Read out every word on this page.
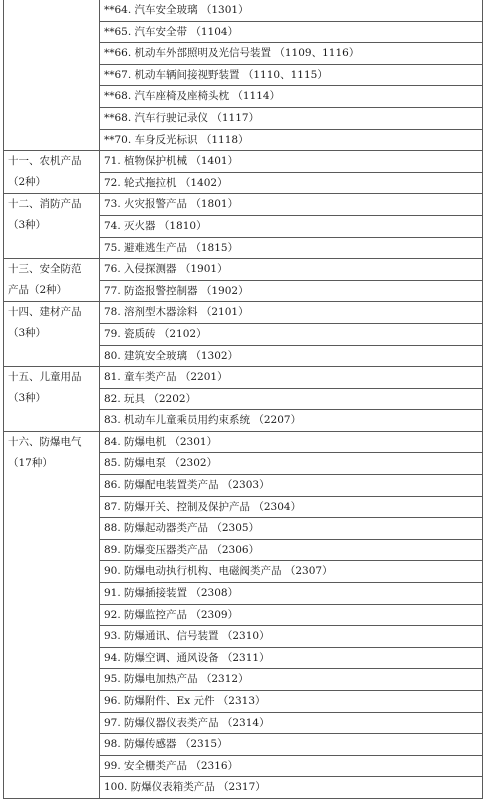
	**64. 汽车安全玻璃 （1301）
	**65. 汽车安全带 （1104）
	**66. 机动车外部照明及光信号装置 （1109、1116）
	**67. 机动车辆间接视野装置 （1110、1115）
	**68. 汽车座椅及座椅头枕 （1114）
	**68. 汽车行驶记录仪 （1117）
	**70. 车身反光标识 （1118）

十一、农机产品
（2种）	71. 植物保护机械 （1401）
	72. 轮式拖拉机 （1402）

十二、消防产品
（3种）	73. 火灾报警产品 （1801）
	74. 灭火器 （1810）
	75. 避难逃生产品 （1815）

十三、安全防范
产品（2种）	76. 入侵探测器 （1901）
	77. 防盗报警控制器 （1902）

十四、建材产品
（3种）	78. 溶剂型木器涂料 （2101）
	79. 瓷质砖 （2102）
	80. 建筑安全玻璃 （1302）

十五、儿童用品
（3种）	81. 童车类产品 （2201）
	82. 玩具 （2202）
	83. 机动车儿童乘员用约束系统 （2207）

十六、防爆电气
（17种）	84. 防爆电机 （2301）
	85. 防爆电泵 （2302）
	86. 防爆配电装置类产品 （2303）
	87. 防爆开关、控制及保护产品 （2304）
	88. 防爆起动器类产品 （2305）
	89. 防爆变压器类产品 （2306）
	90. 防爆电动执行机构、电磁阀类产品 （2307）
	91. 防爆插接装置 （2308）
	92. 防爆监控产品 （2309）
	93. 防爆通讯、信号装置 （2310）
	94. 防爆空调、通风设备 （2311）
	95. 防爆电加热产品 （2312）
	96. 防爆附件、Ex 元件 （2313）
	97. 防爆仪器仪表类产品 （2314）
	98. 防爆传感器 （2315）
	99. 安全栅类产品 （2316）
	100. 防爆仪表箱类产品 （2317）
